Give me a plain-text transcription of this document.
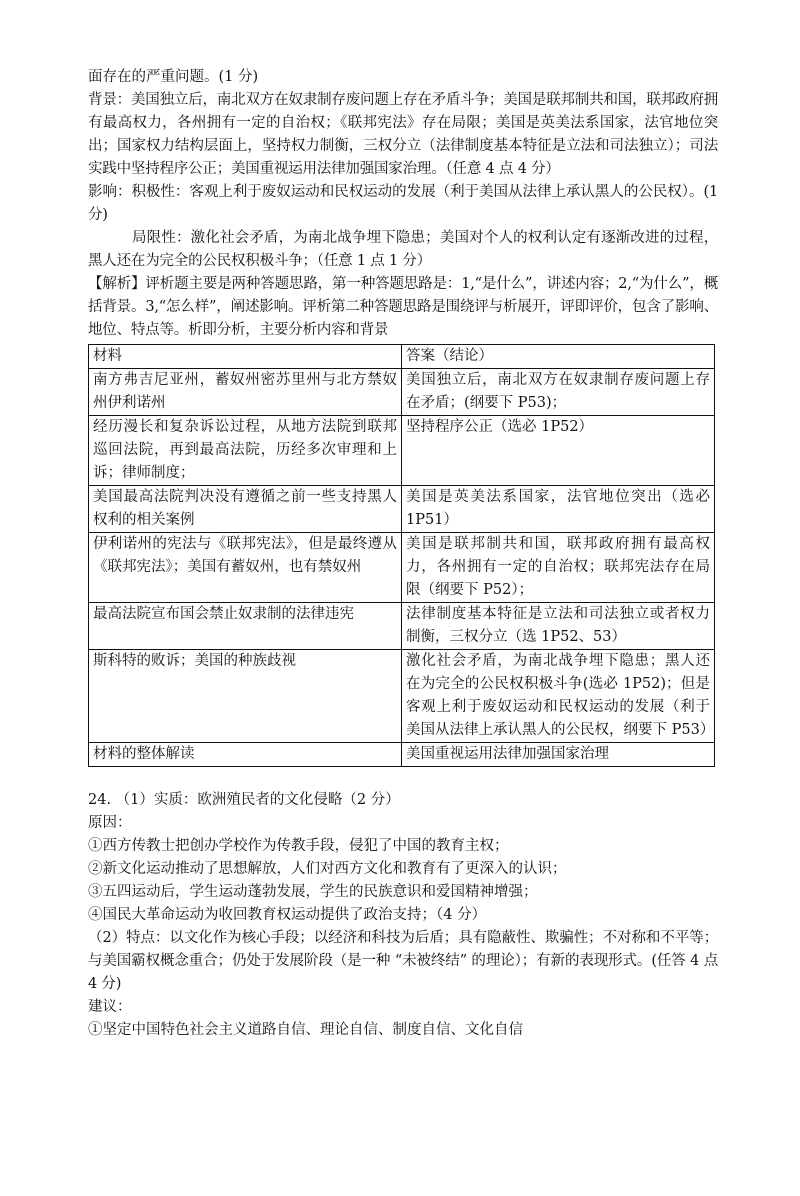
面存在的严重问题。(1 分)

背景：美国独立后，南北双方在奴隶制存废问题上存在矛盾斗争；美国是联邦制共和国，联邦政府拥有最高权力，各州拥有一定的自治权；《联邦宪法》存在局限；美国是英美法系国家，法官地位突出；国家权力结构层面上，坚持权力制衡，三权分立（法律制度基本特征是立法和司法独立）；司法实践中坚持程序公正；美国重视运用法律加强国家治理。（任意 4 点 4 分）

影响：积极性：客观上利于废奴运动和民权运动的发展（利于美国从法律上承认黑人的公民权）。(1 分)

局限性：激化社会矛盾，为南北战争埋下隐患；美国对个人的权利认定有逐渐改进的过程，黑人还在为完全的公民权积极斗争；（任意 1 点 1 分）

【解析】评析题主要是两种答题思路，第一种答题思路是：1,“是什么”，讲述内容；2,“为什么”，概括背景。3,“怎么样”，阐述影响。评析第二种答题思路是围绕评与析展开，评即评价，包含了影响、地位、特点等。析即分析，主要分析内容和背景

材料	答案（结论）
南方弗吉尼亚州，蓄奴州密苏里州与北方禁奴州伊利诺州	美国独立后，南北双方在奴隶制存废问题上存在矛盾；(纲要下 P53)；
经历漫长和复杂诉讼过程，从地方法院到联邦巡回法院，再到最高法院，历经多次审理和上诉；律师制度；	坚持程序公正（选必 1P52）
美国最高法院判决没有遵循之前一些支持黑人权利的相关案例	美国是英美法系国家，法官地位突出（选必 1P51）
伊利诺州的宪法与《联邦宪法》，但是最终遵从《联邦宪法》；美国有蓄奴州，也有禁奴州	美国是联邦制共和国，联邦政府拥有最高权力，各州拥有一定的自治权；联邦宪法存在局限（纲要下 P52）；
最高法院宣布国会禁止奴隶制的法律违宪	法律制度基本特征是立法和司法独立或者权力制衡，三权分立（选 1P52、53）
斯科特的败诉；美国的种族歧视	激化社会矛盾，为南北战争埋下隐患；黑人还在为完全的公民权积极斗争(选必 1P52)；但是客观上利于废奴运动和民权运动的发展（利于美国从法律上承认黑人的公民权，纲要下 P53）
材料的整体解读	美国重视运用法律加强国家治理

24. （1）实质：欧洲殖民者的文化侵略（2 分）

原因：

①西方传教士把创办学校作为传教手段，侵犯了中国的教育主权；

②新文化运动推动了思想解放，人们对西方文化和教育有了更深入的认识；

③五四运动后，学生运动蓬勃发展，学生的民族意识和爱国精神增强；

④国民大革命运动为收回教育权运动提供了政治支持；（4 分）

（2）特点：以文化作为核心手段；以经济和科技为后盾；具有隐蔽性、欺骗性；不对称和不平等；与美国霸权概念重合；仍处于发展阶段（是一种 “未被终结” 的理论）；有新的表现形式。(任答 4 点 4 分)

建议：

①坚定中国特色社会主义道路自信、理论自信、制度自信、文化自信
